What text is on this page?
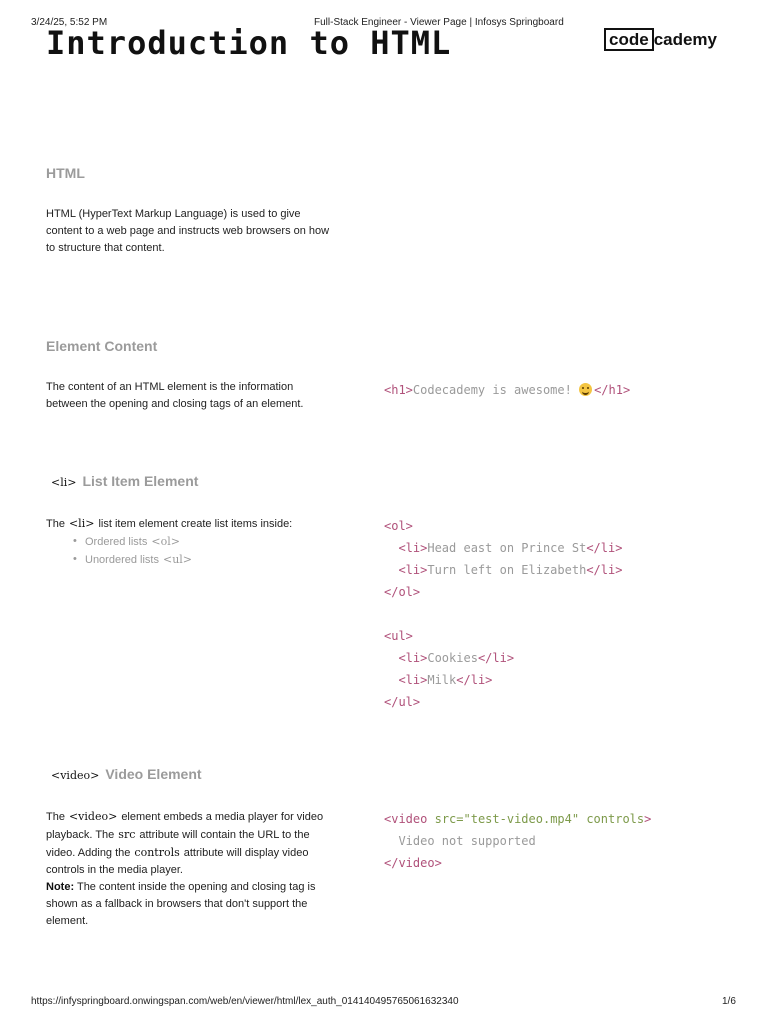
3/24/25, 5:52 PM	Full-Stack Engineer - Viewer Page | Infosys Springboard
Introduction to HTML	code cademy
HTML
HTML (HyperText Markup Language) is used to give content to a web page and instructs web browsers on how to structure that content.
Element Content
The content of an HTML element is the information between the opening and closing tags of an element.
<h1>Codecademy is awesome! </h1>
<li> List Item Element
The <li> list item element create list items inside:
• Ordered lists <ol>
• Unordered lists <ul>
<ol>
<li>Head east on Prince St</li>
<li>Turn left on Elizabeth</li>
</ol>

<ul>
<li>Cookies</li>
<li>Milk</li>
</ul>
<video> Video Element
The <video> element embeds a media player for video playback. The src attribute will contain the URL to the video. Adding the controls attribute will display video controls in the media player.
Note: The content inside the opening and closing tag is shown as a fallback in browsers that don't support the element.
<video src="test-video.mp4" controls>
Video not supported
</video>
https://infyspringboard.onwingspan.com/web/en/viewer/html/lex_auth_01414049576506163234​0	1/6
